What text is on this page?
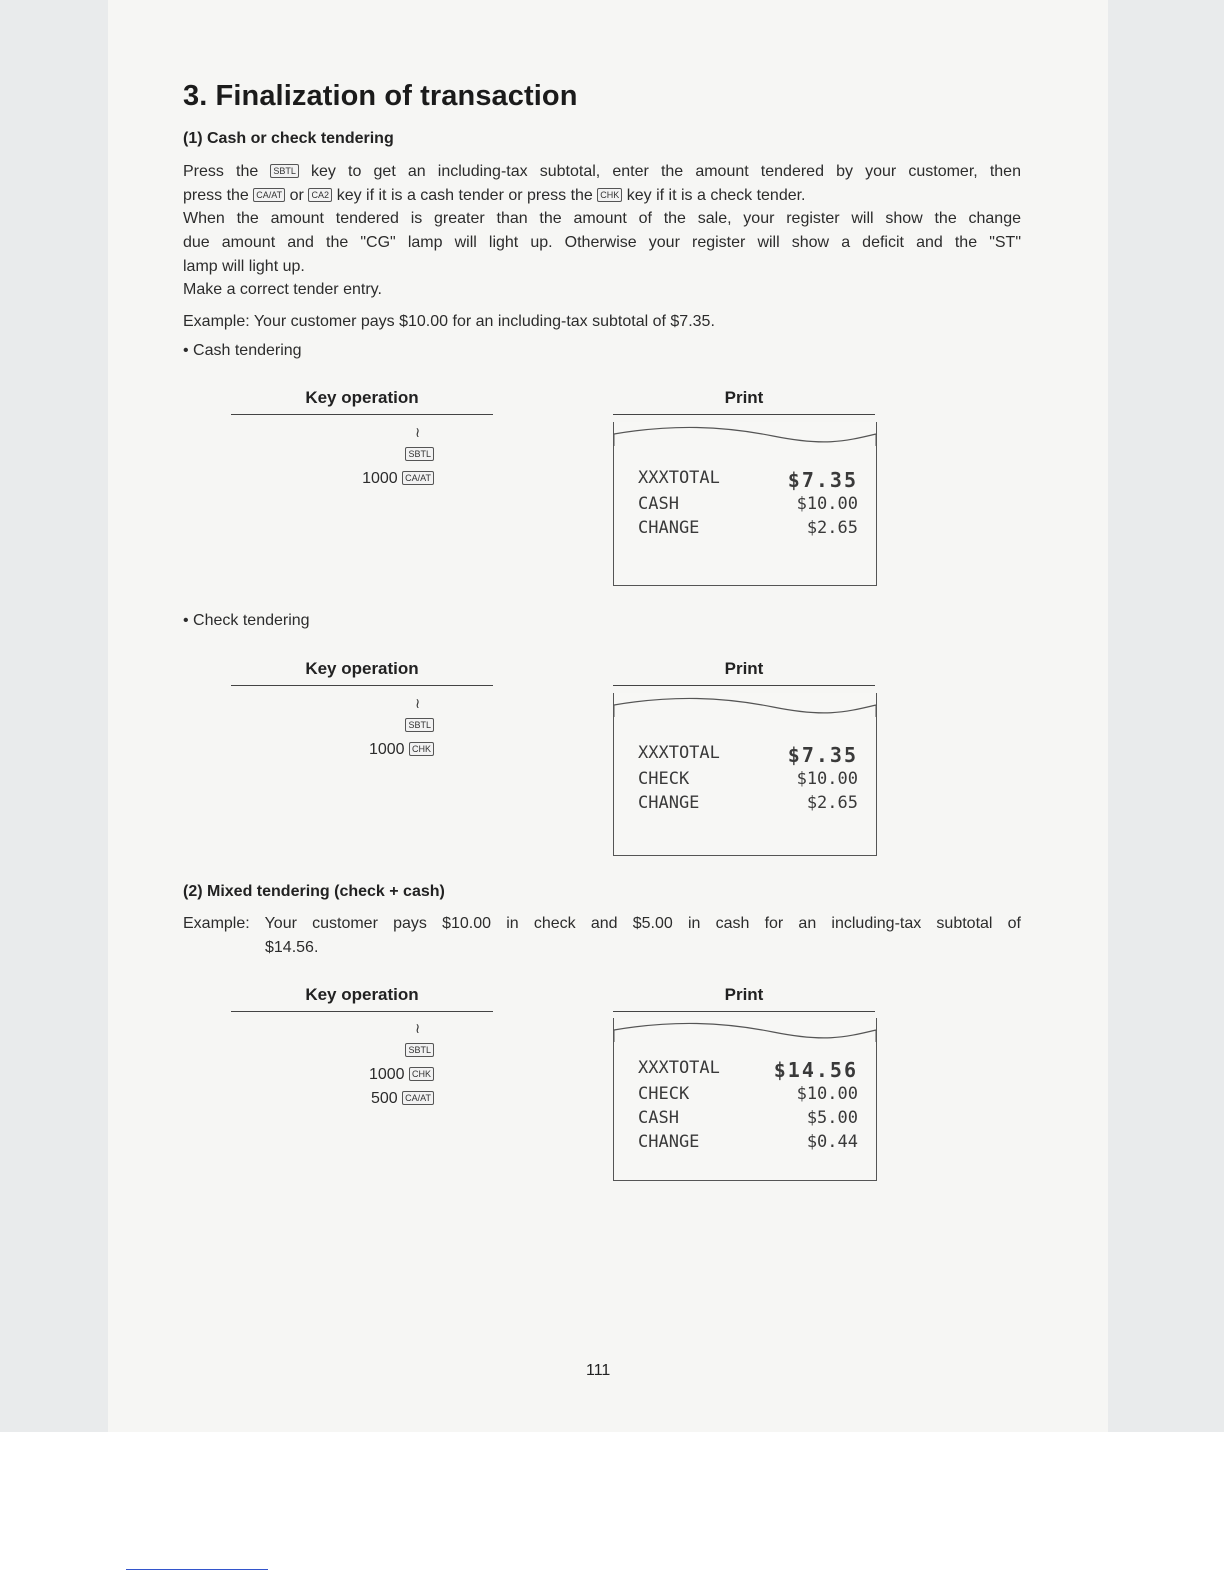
3. Finalization of transaction
(1) Cash or check tendering

Press the SBTL key to get an including-tax subtotal, enter the amount tendered by your customer, then

press the CA/AT or CA2 key if it is a cash tender or press the CHK key if it is a check tender.

When the amount tendered is greater than the amount of the sale, your register will show the change

due amount and the "CG" lamp will light up. Otherwise your register will show a deficit and the "ST"

lamp will light up.

Make a correct tender entry.

Example: Your customer pays $10.00 for an including-tax subtotal of $7.35.

• Cash tendering
Key operation	Print
≀
SBTL
1000 CA/AT	XXXTOTAL	$7.35
CASH	$10.00
CHANGE	$2.65
• Check tendering
Key operation	Print
≀
SBTL
1000 CHK	XXXTOTAL	$7.35
CHECK	$10.00
CHANGE	$2.65
(2) Mixed tendering (check + cash)

Example: Your customer pays $10.00 in check and $5.00 in cash for an including-tax subtotal of

$14.56.

Key operation	Print
≀
SBTL
1000 CHK
500 CA/AT
XXXTOTAL	$14.56
CHECK	$10.00
CASH	$5.00
CHANGE	$0.44
111
